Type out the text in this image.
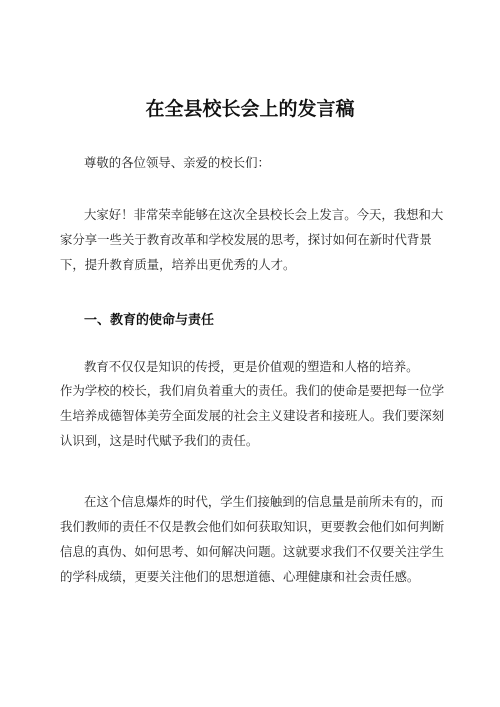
在全县校长会上的发言稿

尊敬的各位领导、亲爱的校长们：

大家好！非常荣幸能够在这次全县校长会上发言。今天，我想和大家分享一些关于教育改革和学校发展的思考，探讨如何在新时代背景下，提升教育质量，培养出更优秀的人才。

一、教育的使命与责任

教育不仅仅是知识的传授，更是价值观的塑造和人格的培养。

作为学校的校长，我们肩负着重大的责任。我们的使命是要把每一位学生培养成德智体美劳全面发展的社会主义建设者和接班人。我们要深刻认识到，这是时代赋予我们的责任。

在这个信息爆炸的时代，学生们接触到的信息量是前所未有的，而我们教师的责任不仅是教会他们如何获取知识，更要教会他们如何判断信息的真伪、如何思考、如何解决问题。这就要求我们不仅要关注学生的学科成绩，更要关注他们的思想道德、心理健康和社会责任感。
